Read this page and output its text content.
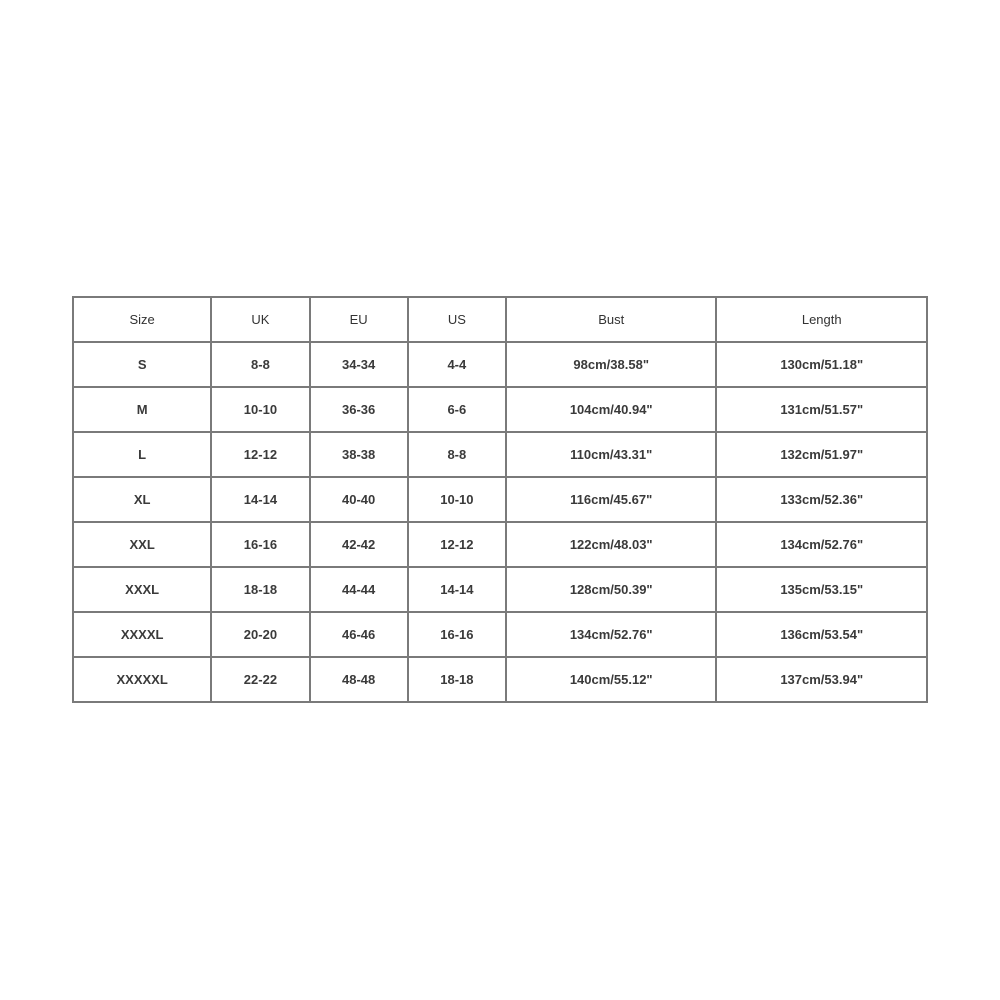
Size	UK	EU	US	Bust	Length
S	8-8	34-34	4-4	98cm/38.58"	130cm/51.18"
M	10-10	36-36	6-6	104cm/40.94"	131cm/51.57"
L	12-12	38-38	8-8	110cm/43.31"	132cm/51.97"
XL	14-14	40-40	10-10	116cm/45.67"	133cm/52.36"
XXL	16-16	42-42	12-12	122cm/48.03"	134cm/52.76"
XXXL	18-18	44-44	14-14	128cm/50.39"	135cm/53.15"
XXXXL	20-20	46-46	16-16	134cm/52.76"	136cm/53.54"
XXXXXL	22-22	48-48	18-18	140cm/55.12"	137cm/53.94"
